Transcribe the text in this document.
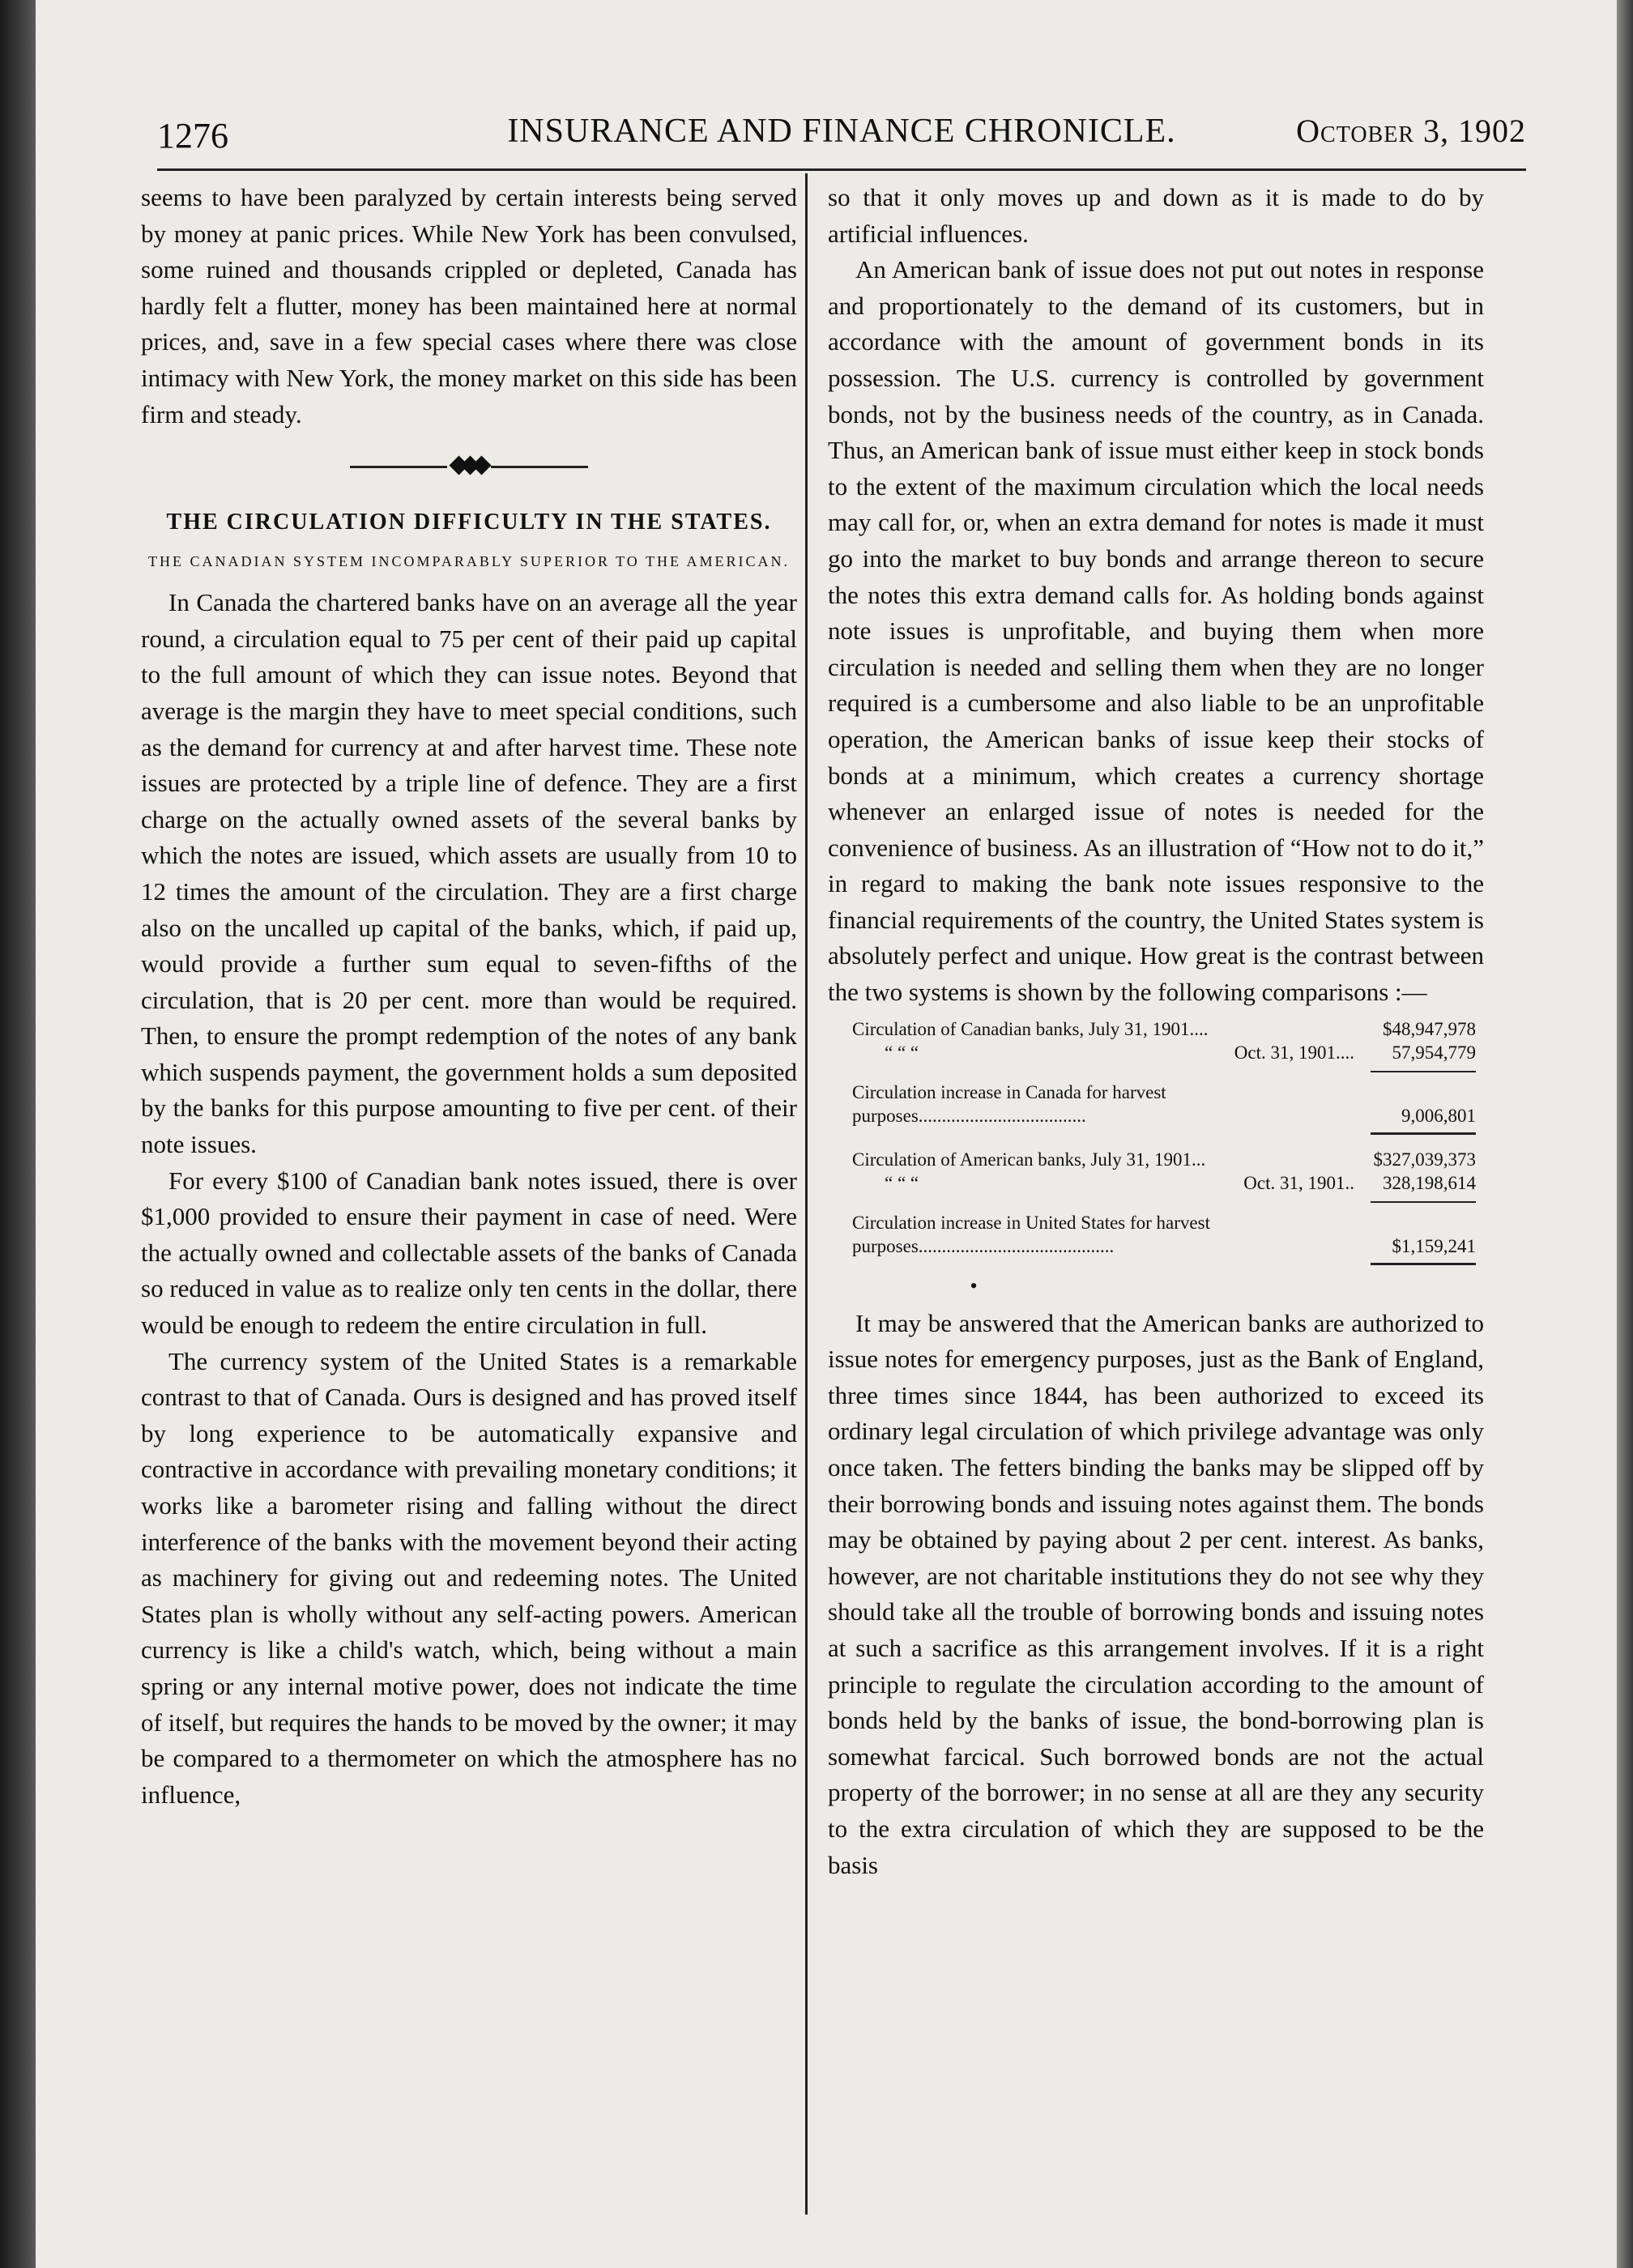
1276	INSURANCE AND FINANCE CHRONICLE.	October 3, 1902

seems to have been paralyzed by certain interests being served by money at panic prices. While New York has been convulsed, some ruined and thousands crippled or depleted, Canada has hardly felt a flutter, money has been maintained here at normal prices, and, save in a few special cases where there was close intimacy with New York, the money market on this side has been firm and steady.

THE CIRCULATION DIFFICULTY IN THE STATES.
THE CANADIAN SYSTEM INCOMPARABLY SUPERIOR TO THE AMERICAN.

In Canada the chartered banks have on an average all the year round, a circulation equal to 75 per cent of their paid up capital to the full amount of which they can issue notes. Beyond that average is the margin they have to meet special conditions, such as the demand for currency at and after harvest time. These note issues are protected by a triple line of defence. They are a first charge on the actually owned assets of the several banks by which the notes are issued, which assets are usually from 10 to 12 times the amount of the circulation. They are a first charge also on the uncalled up capital of the banks, which, if paid up, would provide a further sum equal to seven-fifths of the circulation, that is 20 per cent. more than would be required. Then, to ensure the prompt redemption of the notes of any bank which suspends payment, the government holds a sum deposited by the banks for this purpose amounting to five per cent. of their note issues.

For every $100 of Canadian bank notes issued, there is over $1,000 provided to ensure their payment in case of need. Were the actually owned and collectable assets of the banks of Canada so reduced in value as to realize only ten cents in the dollar, there would be enough to redeem the entire circulation in full.

The currency system of the United States is a remarkable contrast to that of Canada. Ours is designed and has proved itself by long experience to be automatically expansive and contractive in accordance with prevailing monetary conditions; it works like a barometer rising and falling without the direct interference of the banks with the movement beyond their acting as machinery for giving out and redeeming notes. The United States plan is wholly without any self-acting powers. American currency is like a child's watch, which, being without a main spring or any internal motive power, does not indicate the time of itself, but requires the hands to be moved by the owner; it may be compared to a thermometer on which the atmosphere has no influence,

so that it only moves up and down as it is made to do by artificial influences.

An American bank of issue does not put out notes in response and proportionately to the demand of its customers, but in accordance with the amount of government bonds in its possession. The U.S. currency is controlled by government bonds, not by the business needs of the country, as in Canada. Thus, an American bank of issue must either keep in stock bonds to the extent of the maximum circulation which the local needs may call for, or, when an extra demand for notes is made it must go into the market to buy bonds and arrange thereon to secure the notes this extra demand calls for. As holding bonds against note issues is unprofitable, and buying them when more circulation is needed and selling them when they are no longer required is a cumbersome and also liable to be an unprofitable operation, the American banks of issue keep their stocks of bonds at a minimum, which creates a currency shortage whenever an enlarged issue of notes is needed for the convenience of business. As an illustration of “How not to do it,” in regard to making the bank note issues responsive to the financial requirements of the country, the United States system is absolutely perfect and unique. How great is the contrast between the two systems is shown by the following comparisons :—

Circulation of Canadian banks, July 31, 1901....	$48,947,978
“ “ “	Oct. 31, 1901....	57,954,779
Circulation increase in Canada for harvest purposes....................................	9,006,801
Circulation of American banks, July 31, 1901...	$327,039,373
“ “ “	Oct. 31, 1901..	328,198,614
Circulation increase in United States for harvest purposes..........................................	$1,159,241
•

It may be answered that the American banks are authorized to issue notes for emergency purposes, just as the Bank of England, three times since 1844, has been authorized to exceed its ordinary legal circulation of which privilege advantage was only once taken. The fetters binding the banks may be slipped off by their borrowing bonds and issuing notes against them. The bonds may be obtained by paying about 2 per cent. interest. As banks, however, are not charitable institutions they do not see why they should take all the trouble of borrowing bonds and issuing notes at such a sacrifice as this arrangement involves. If it is a right principle to regulate the circulation according to the amount of bonds held by the banks of issue, the bond-borrowing plan is somewhat farcical. Such borrowed bonds are not the actual property of the borrower; in no sense at all are they any security to the extra circulation of which they are supposed to be the basis
